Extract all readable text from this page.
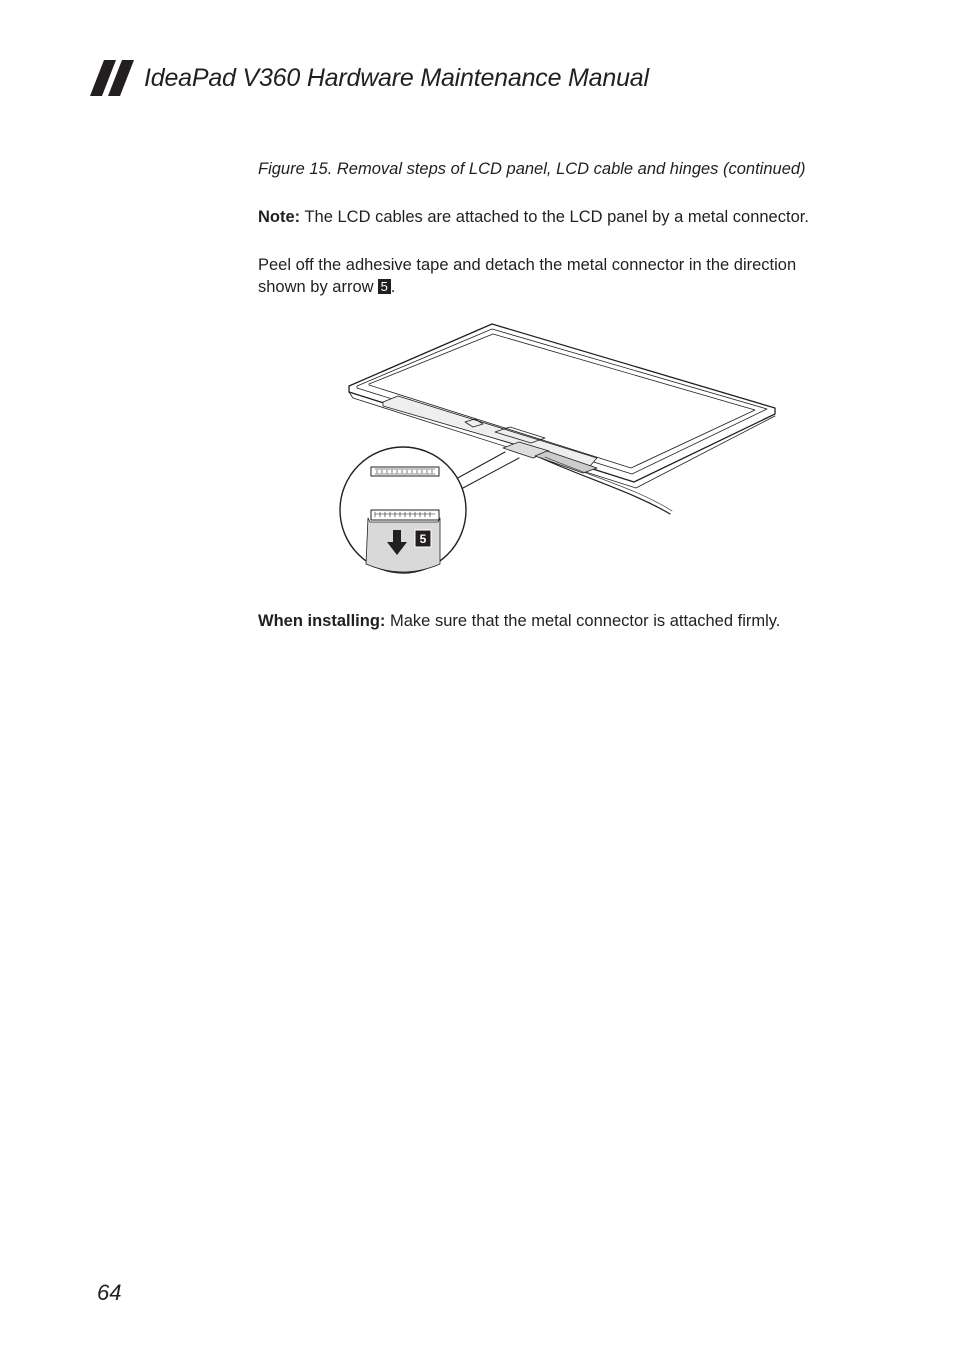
IdeaPad V360 Hardware Maintenance Manual

Figure 15. Removal steps of LCD panel, LCD cable and hinges (continued)

Note: The LCD cables are attached to the LCD panel by a metal connector.

Peel off the adhesive tape and detach the metal connector in the direction
shown by arrow 5 .

5

When installing: Make sure that the metal connector is attached firmly.

64
